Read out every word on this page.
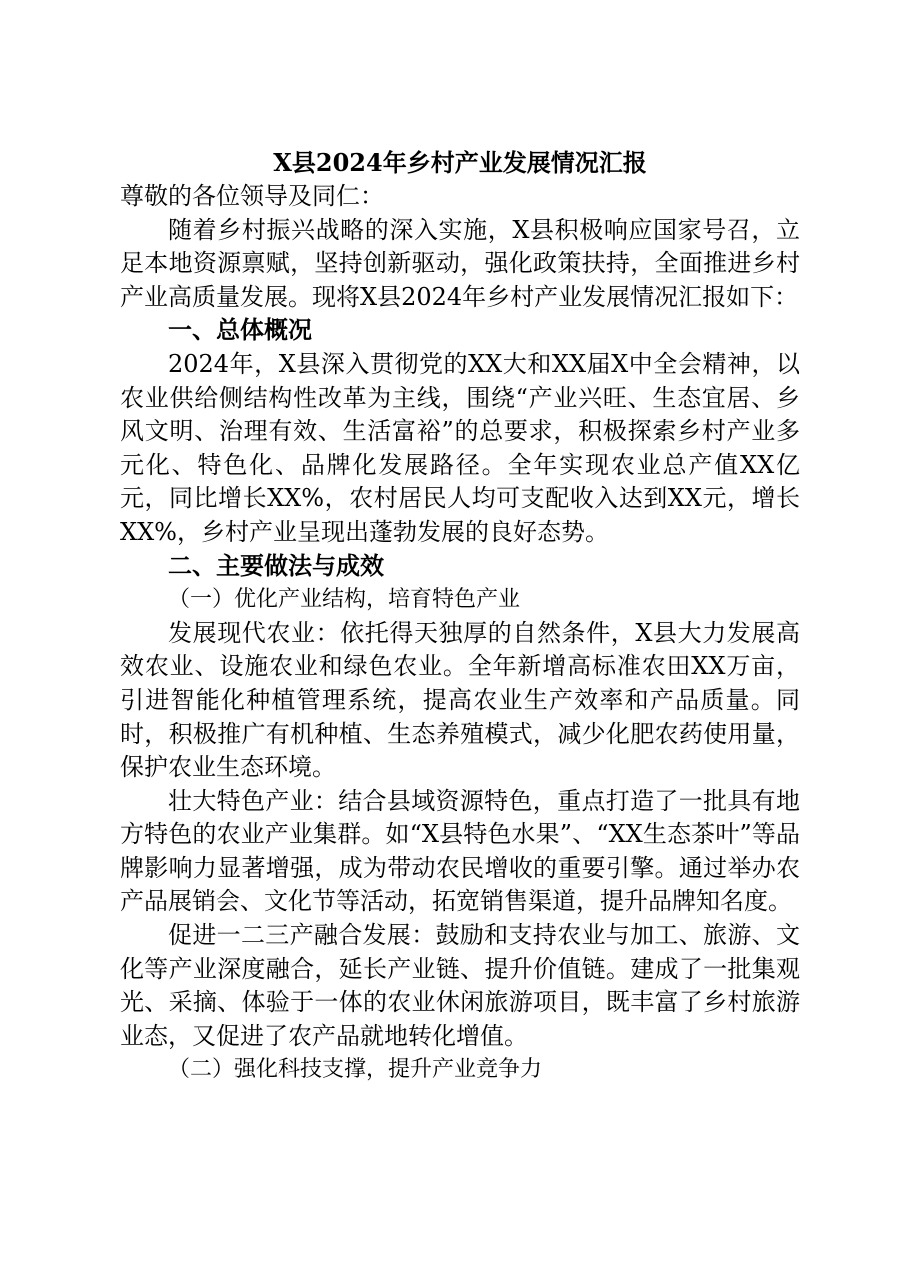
X县2024年乡村产业发展情况汇报

尊敬的各位领导及同仁：

随着乡村振兴战略的深入实施，X县积极响应国家号召，立足本地资源禀赋，坚持创新驱动，强化政策扶持，全面推进乡村产业高质量发展。现将X县2024年乡村产业发展情况汇报如下：

一、总体概况

2024年，X县深入贯彻党的XX大和XX届X中全会精神，以农业供给侧结构性改革为主线，围绕“产业兴旺、生态宜居、乡风文明、治理有效、生活富裕”的总要求，积极探索乡村产业多元化、特色化、品牌化发展路径。全年实现农业总产值XX亿元，同比增长XX%，农村居民人均可支配收入达到XX元，增长XX%，乡村产业呈现出蓬勃发展的良好态势。

二、主要做法与成效

（一）优化产业结构，培育特色产业

发展现代农业：依托得天独厚的自然条件，X县大力发展高效农业、设施农业和绿色农业。全年新增高标准农田XX万亩，引进智能化种植管理系统，提高农业生产效率和产品质量。同时，积极推广有机种植、生态养殖模式，减少化肥农药使用量，保护农业生态环境。

壮大特色产业：结合县域资源特色，重点打造了一批具有地方特色的农业产业集群。如“X县特色水果”、“XX生态茶叶”等品牌影响力显著增强，成为带动农民增收的重要引擎。通过举办农产品展销会、文化节等活动，拓宽销售渠道，提升品牌知名度。

促进一二三产融合发展：鼓励和支持农业与加工、旅游、文化等产业深度融合，延长产业链、提升价值链。建成了一批集观光、采摘、体验于一体的农业休闲旅游项目，既丰富了乡村旅游业态，又促进了农产品就地转化增值。

（二）强化科技支撑，提升产业竞争力
